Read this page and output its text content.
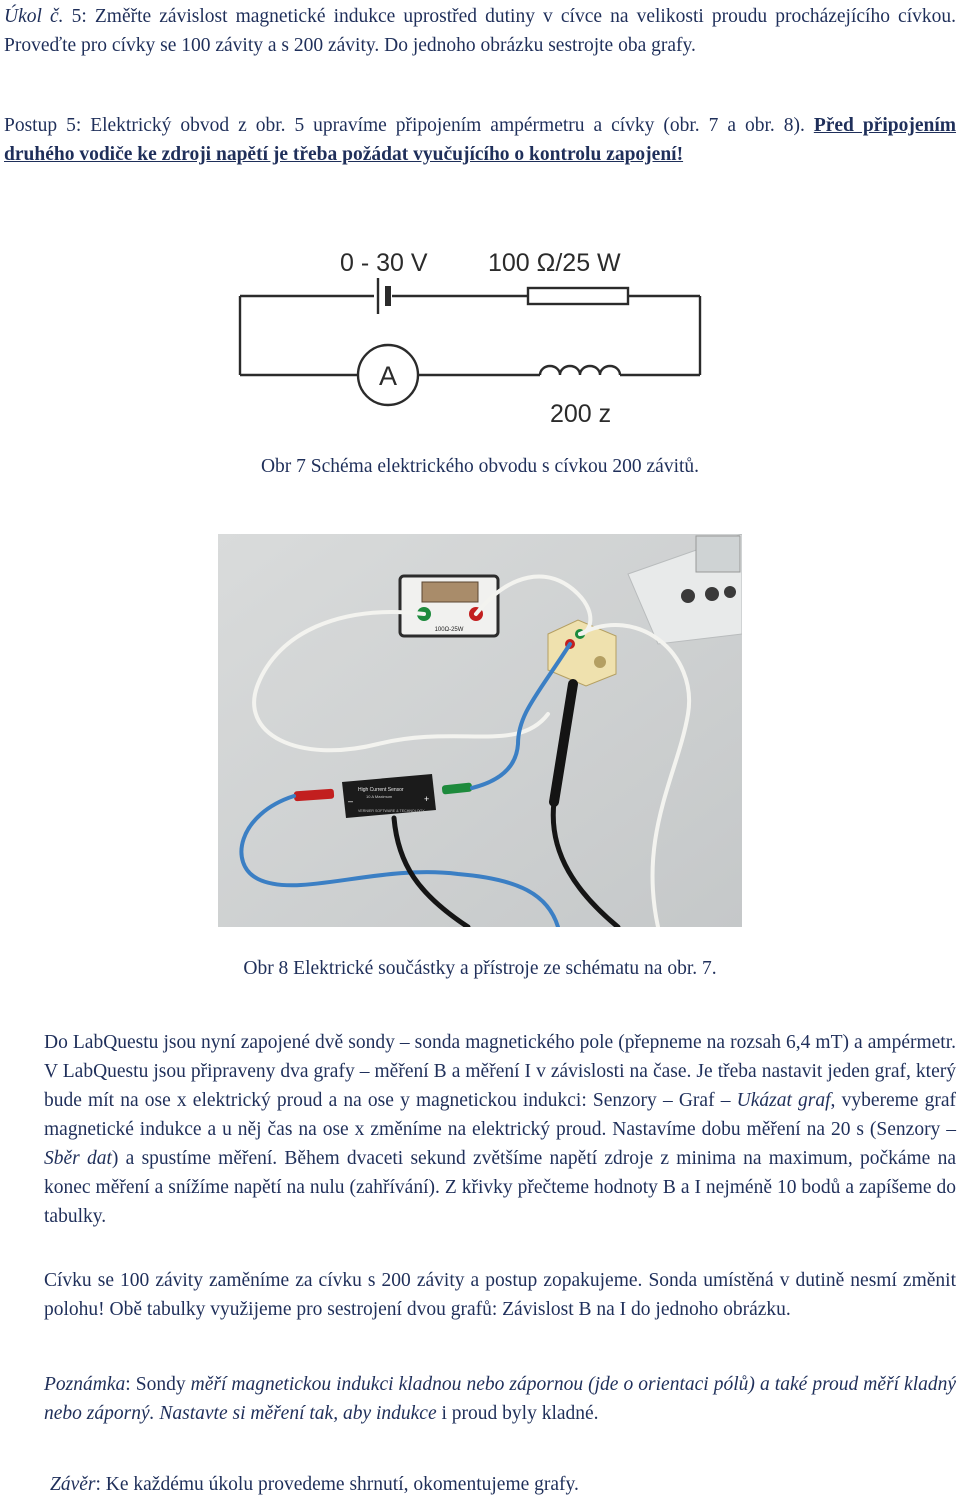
Úkol č. 5: Změřte závislost magnetické indukce uprostřed dutiny v cívce na velikosti proudu procházejícího cívkou. Proveďte pro cívky se 100 závity a s 200 závity. Do jednoho obrázku sestrojte oba grafy.
Postup 5: Elektrický obvod z obr. 5 upravíme připojením ampérmetru a cívky (obr. 7 a obr. 8). Před připojením druhého vodiče ke zdroji napětí je třeba požádat vyučujícího o kontrolu zapojení!
0 - 30 V 100 Ω/25 W
A
200 z
Obr 7 Schéma elektrického obvodu s cívkou 200 závitů.
100Ω-25W
High Current Sensor
10 A Maximum
VERNIER SOFTWARE & TECHNOLOGY
–	+
Obr 8 Elektrické součástky a přístroje ze schématu na obr. 7.
Do LabQuestu jsou nyní zapojené dvě sondy – sonda magnetického pole (přepneme na rozsah 6,4 mT) a ampérmetr. V LabQuestu jsou připraveny dva grafy – měření B a měření I v závislosti na čase. Je třeba nastavit jeden graf, který bude mít na ose x elektrický proud a na ose y magnetickou indukci: Senzory – Graf – Ukázat graf, vybereme graf magnetické indukce a u něj čas na ose x změníme na elektrický proud. Nastavíme dobu měření na 20 s (Senzory – Sběr dat) a spustíme měření. Během dvaceti sekund zvětšíme napětí zdroje z minima na maximum, počkáme na konec měření a snížíme napětí na nulu (zahřívání). Z křivky přečteme hodnoty B a I nejméně 10 bodů a zapíšeme do tabulky.
Cívku se 100 závity zaměníme za cívku s 200 závity a postup zopakujeme. Sonda umístěná v dutině nesmí změnit polohu! Obě tabulky využijeme pro sestrojení dvou grafů: Závislost B na I do jednoho obrázku.
Poznámka: Sondy měří magnetickou indukci kladnou nebo zápornou (jde o orientaci pólů) a také proud měří kladný nebo záporný. Nastavte si měření tak, aby indukce i proud byly kladné.
Závěr: Ke každému úkolu provedeme shrnutí, okomentujeme grafy.
